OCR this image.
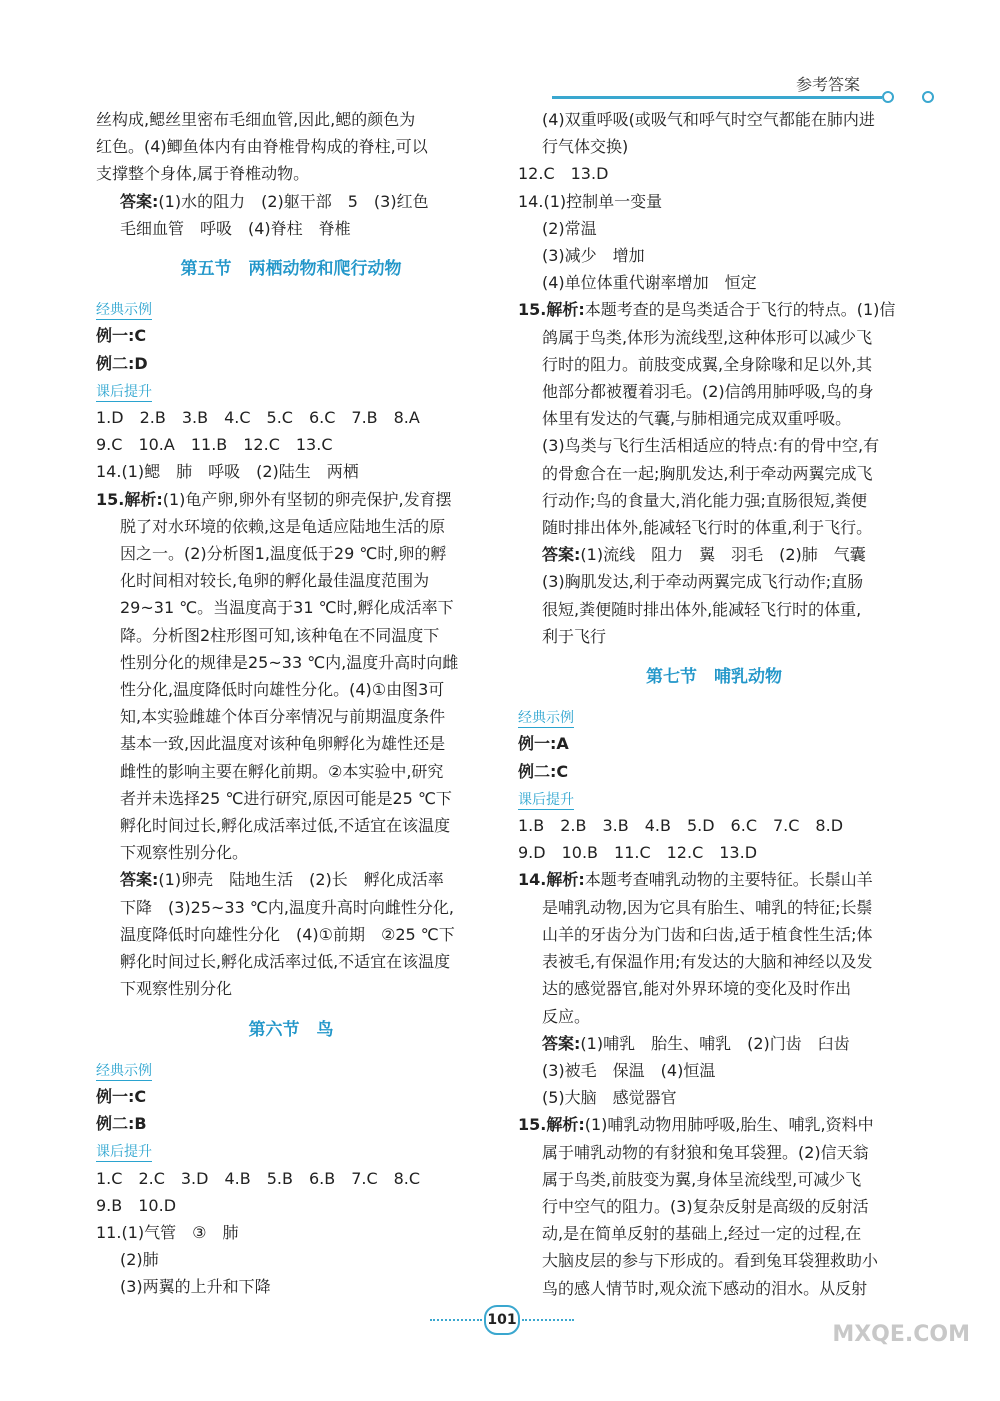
参考答案

丝构成,鳃丝里密布毛细血管,因此,鳃的颜色为

红色。(4)鲫鱼体内有由脊椎骨构成的脊柱,可以

支撑整个身体,属于脊椎动物。

答案:(1)水的阻力　(2)躯干部　5　(3)红色

毛细血管　呼吸　(4)脊柱　脊椎

第五节　两栖动物和爬行动物
经典示例

例一:C

例二:D

课后提升

1.D　2.B　3.B　4.C　5.C　6.C　7.B　8.A

9.C　10.A　11.B　12.C　13.C

14.(1)鳃　肺　呼吸　(2)陆生　两栖

15.解析:(1)龟产卵,卵外有坚韧的卵壳保护,发育摆

脱了对水环境的依赖,这是龟适应陆地生活的原

因之一。(2)分析图1,温度低于29 ℃时,卵的孵

化时间相对较长,龟卵的孵化最佳温度范围为

29~31 ℃。当温度高于31 ℃时,孵化成活率下

降。分析图2柱形图可知,该种龟在不同温度下

性别分化的规律是25~33 ℃内,温度升高时向雌

性分化,温度降低时向雄性分化。(4)①由图3可

知,本实验雌雄个体百分率情况与前期温度条件

基本一致,因此温度对该种龟卵孵化为雄性还是

雌性的影响主要在孵化前期。②本实验中,研究

者并未选择25 ℃进行研究,原因可能是25 ℃下

孵化时间过长,孵化成活率过低,不适宜在该温度

下观察性别分化。

答案:(1)卵壳　陆地生活　(2)长　孵化成活率

下降　(3)25~33 ℃内,温度升高时向雌性分化,

温度降低时向雄性分化　(4)①前期　②25 ℃下

孵化时间过长,孵化成活率过低,不适宜在该温度

下观察性别分化

第六节　鸟
经典示例

例一:C

例二:B

课后提升

1.C　2.C　3.D　4.B　5.B　6.B　7.C　8.C

9.B　10.D

11.(1)气管　③　肺

(2)肺

(3)两翼的上升和下降

(4)双重呼吸(或吸气和呼气时空气都能在肺内进

行气体交换)

12.C　13.D

14.(1)控制单一变量

(2)常温

(3)减少　增加

(4)单位体重代谢率增加　恒定

15.解析:本题考查的是鸟类适合于飞行的特点。(1)信

鸽属于鸟类,体形为流线型,这种体形可以减少飞

行时的阻力。前肢变成翼,全身除喙和足以外,其

他部分都被覆着羽毛。(2)信鸽用肺呼吸,鸟的身

体里有发达的气囊,与肺相通完成双重呼吸。

(3)鸟类与飞行生活相适应的特点:有的骨中空,有

的骨愈合在一起;胸肌发达,利于牵动两翼完成飞

行动作;鸟的食量大,消化能力强;直肠很短,粪便

随时排出体外,能减轻飞行时的体重,利于飞行。

答案:(1)流线　阻力　翼　羽毛　(2)肺　气囊

(3)胸肌发达,利于牵动两翼完成飞行动作;直肠

很短,粪便随时排出体外,能减轻飞行时的体重,

利于飞行

第七节　哺乳动物
经典示例

例一:A

例二:C

课后提升

1.B　2.B　3.B　4.B　5.D　6.C　7.C　8.D

9.D　10.B　11.C　12.C　13.D

14.解析:本题考查哺乳动物的主要特征。长鬃山羊

是哺乳动物,因为它具有胎生、哺乳的特征;长鬃

山羊的牙齿分为门齿和臼齿,适于植食性生活;体

表被毛,有保温作用;有发达的大脑和神经以及发

达的感觉器官,能对外界环境的变化及时作出

反应。

答案:(1)哺乳　胎生、哺乳　(2)门齿　臼齿

(3)被毛　保温　(4)恒温

(5)大脑　感觉器官

15.解析:(1)哺乳动物用肺呼吸,胎生、哺乳,资料中

属于哺乳动物的有豺狼和兔耳袋狸。(2)信天翁

属于鸟类,前肢变为翼,身体呈流线型,可减少飞

行中空气的阻力。(3)复杂反射是高级的反射活

动,是在简单反射的基础上,经过一定的过程,在

大脑皮层的参与下形成的。看到兔耳袋狸救助小

鸟的感人情节时,观众流下感动的泪水。从反射

101
MXQE.COM
